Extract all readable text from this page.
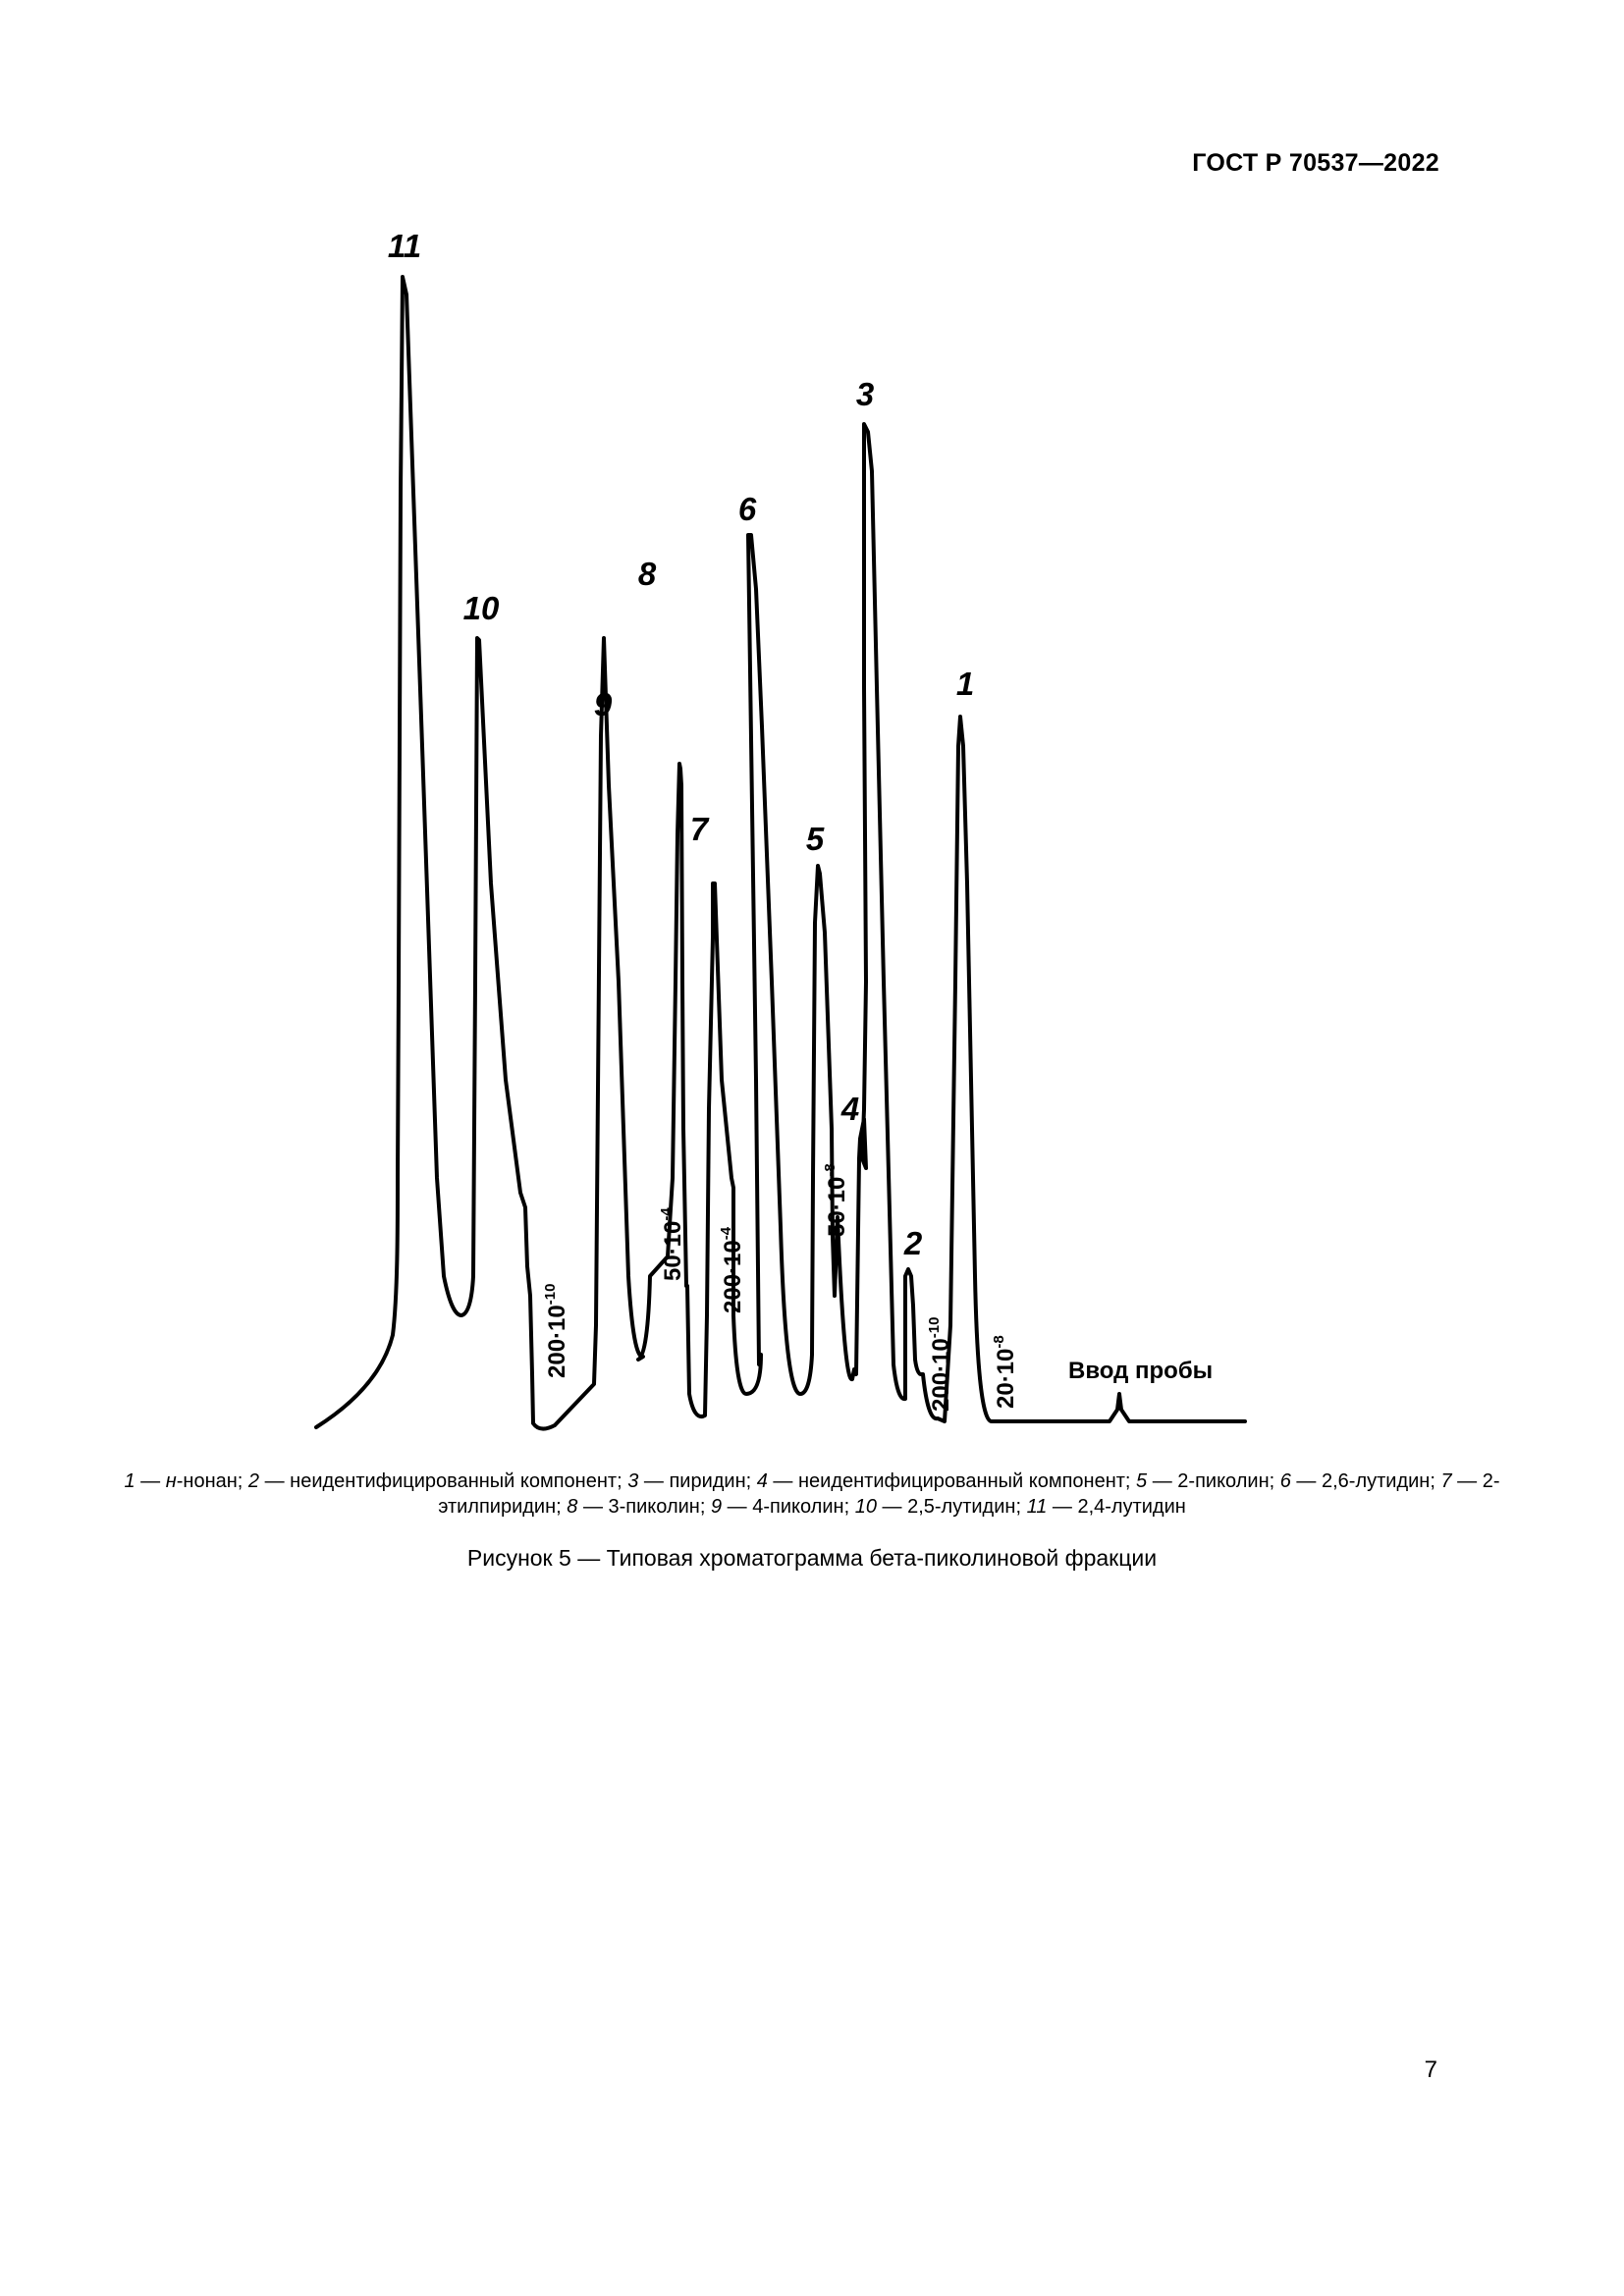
ГОСТ Р 70537—2022
11
10
9
8
7
6
5
4
3
2
1
$200\cdot 10^{-10}$
$50\cdot 10^{-4}$
$200\cdot 10^{-4}$	$50\cdot 10^{-8}$
$200\cdot 10^{-10}$
$20\cdot 10^{-8}$
Ввод пробы
1 — н-нонан; 2 — неидентифицированный компонент; 3 — пиридин; 4 — неидентифицированный компонент; 5 — 2-пиколин; 6 — 2,6-лутидин; 7 — 2-этилпиридин; 8 — 3-пиколин; 9 — 4-пиколин; 10 — 2,5-лутидин; 11 — 2,4-лутидин
Рисунок 5 — Типовая хроматограмма бета-пиколиновой фракции
7
